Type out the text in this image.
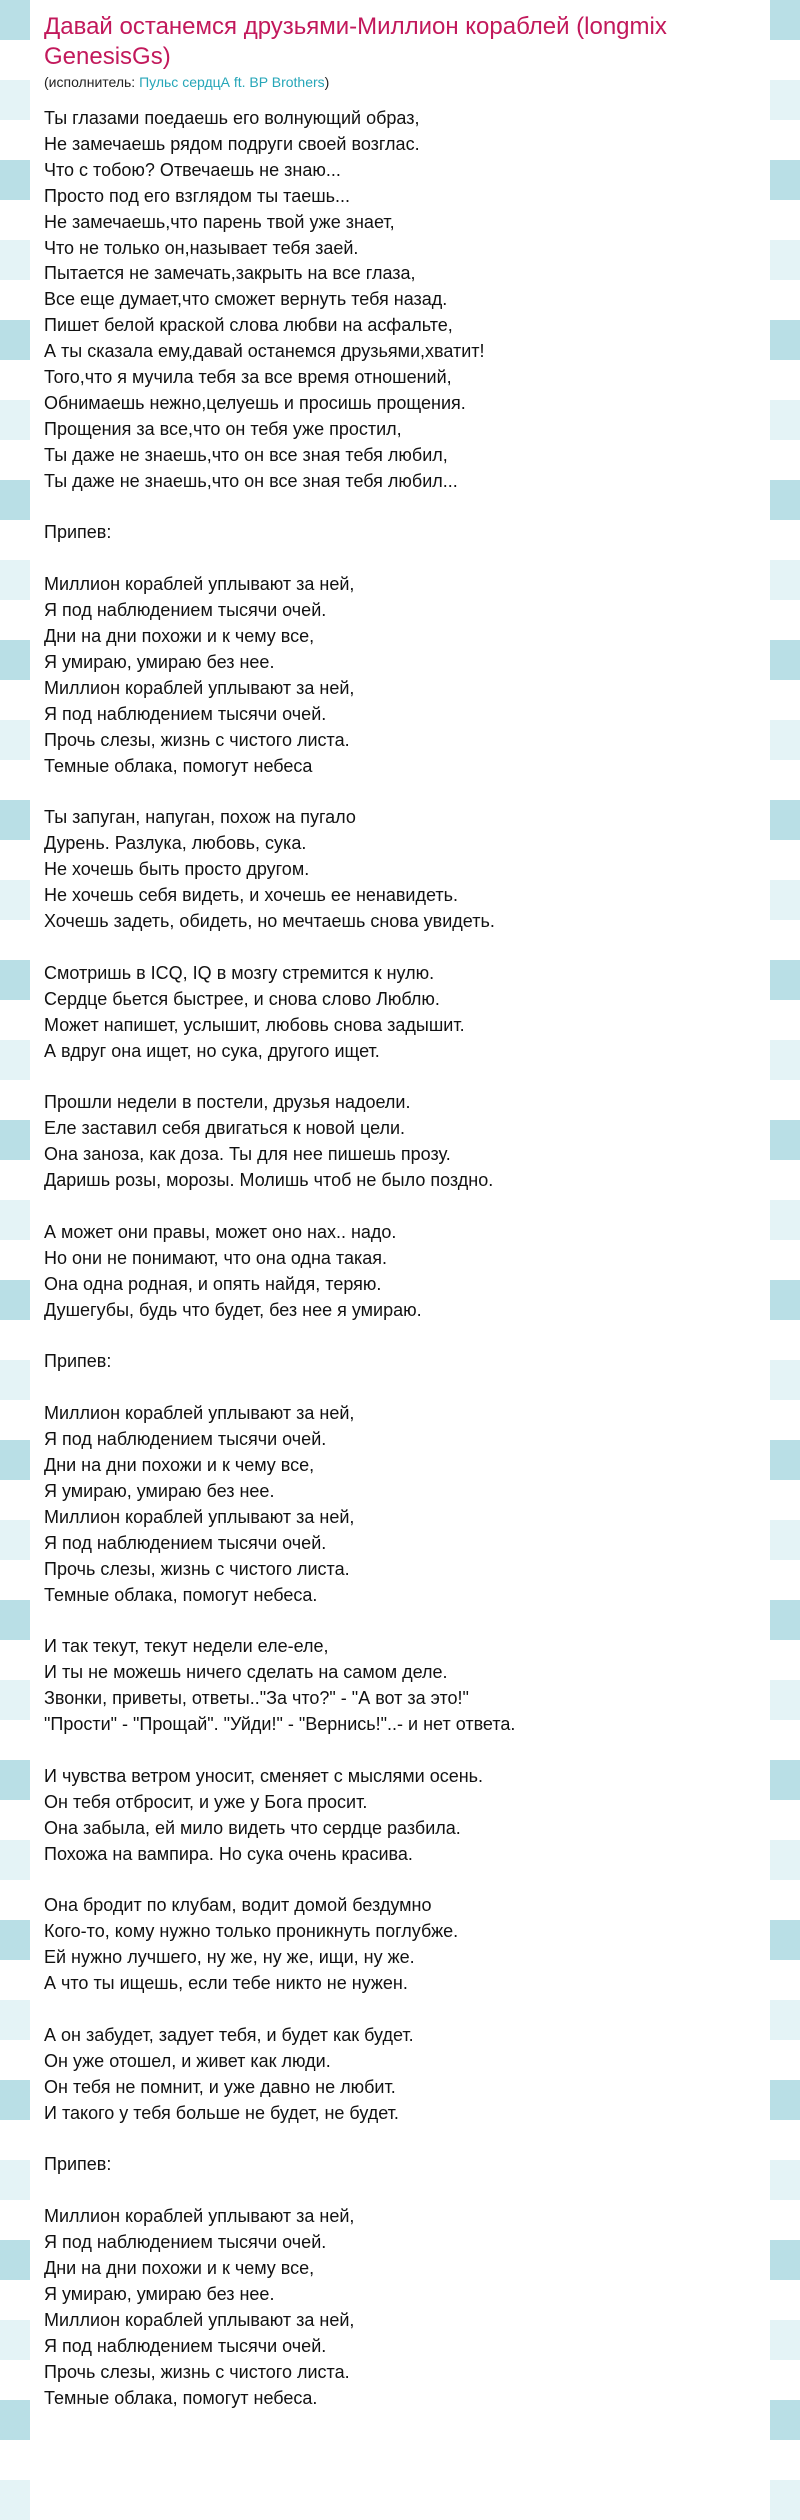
Давай останемся друзьями-Миллион кораблей (longmix GenesisGs)
(исполнитель: Пульс сердцА ft. BP Brothers)
Ты глазами поедаешь его волнующий образ,
Не замечаешь рядом подруги своей возглас.
Что с тобою? Отвечаешь не знаю...
Просто под его взглядом ты таешь...
Не замечаешь,что парень твой уже знает,
Что не только он,называет тебя заей.
Пытается не замечать,закрыть на все глаза,
Все еще думает,что сможет вернуть тебя назад.
Пишет белой краской слова любви на асфальте,
А ты сказала ему,давай останемся друзьями,хватит!
Того,что я мучила тебя за все время отношений,
Обнимаешь нежно,целуешь и просишь прощения.
Прощения за все,что он тебя уже простил,
Ты даже не знаешь,что он все зная тебя любил,
Ты даже не знаешь,что он все зная тебя любил...
Припев:
Миллион кораблей уплывают за ней,
Я под наблюдением тысячи очей.
Дни на дни похожи и к чему все,
Я умираю, умираю без нее.
Миллион кораблей уплывают за ней,
Я под наблюдением тысячи очей.
Прочь слезы, жизнь с чистого листа.
Темные облака, помогут небеса
Ты запуган, напуган, похож на пугало
Дурень. Разлука, любовь, сука.
Не хочешь быть просто другом.
Не хочешь себя видеть, и хочешь ее ненавидеть.
Хочешь задеть, обидеть, но мечтаешь снова увидеть.
Смотришь в ICQ, IQ в мозгу стремится к нулю.
Сердце бьется быстрее, и снова слово Люблю.
Может напишет, услышит, любовь снова задышит.
А вдруг она ищет, но сука, другого ищет.
Прошли недели в постели, друзья надоели.
Еле заставил себя двигаться к новой цели.
Она заноза, как доза. Ты для нее пишешь прозу.
Даришь розы, морозы. Молишь чтоб не было поздно.
А может они правы, может оно нах.. надо.
Но они не понимают, что она одна такая.
Она одна родная, и опять найдя, теряю.
Душегубы, будь что будет, без нее я умираю.
Припев:
Миллион кораблей уплывают за ней,
Я под наблюдением тысячи очей.
Дни на дни похожи и к чему все,
Я умираю, умираю без нее.
Миллион кораблей уплывают за ней,
Я под наблюдением тысячи очей.
Прочь слезы, жизнь с чистого листа.
Темные облака, помогут небеса.
И так текут, текут недели еле-еле,
И ты не можешь ничего сделать на самом деле.
Звонки, приветы, ответы.."За что?" - "А вот за это!"
"Прости" - "Прощай". "Уйди!" - "Вернись!"..- и нет ответа.
И чувства ветром уносит, сменяет с мыслями осень.
Он тебя отбросит, и уже у Бога просит.
Она забыла, ей мило видеть что сердце разбила.
Похожа на вампира. Но сука очень красива.
Она бродит по клубам, водит домой бездумно
Кого-то, кому нужно только проникнуть поглубже.
Ей нужно лучшего, ну же, ну же, ищи, ну же.
А что ты ищешь, если тебе никто не нужен.
А он забудет, задует тебя, и будет как будет.
Он уже отошел, и живет как люди.
Он тебя не помнит, и уже давно не любит.
И такого у тебя больше не будет, не будет.
Припев:
Миллион кораблей уплывают за ней,
Я под наблюдением тысячи очей.
Дни на дни похожи и к чему все,
Я умираю, умираю без нее.
Миллион кораблей уплывают за ней,
Я под наблюдением тысячи очей.
Прочь слезы, жизнь с чистого листа.
Темные облака, помогут небеса.
